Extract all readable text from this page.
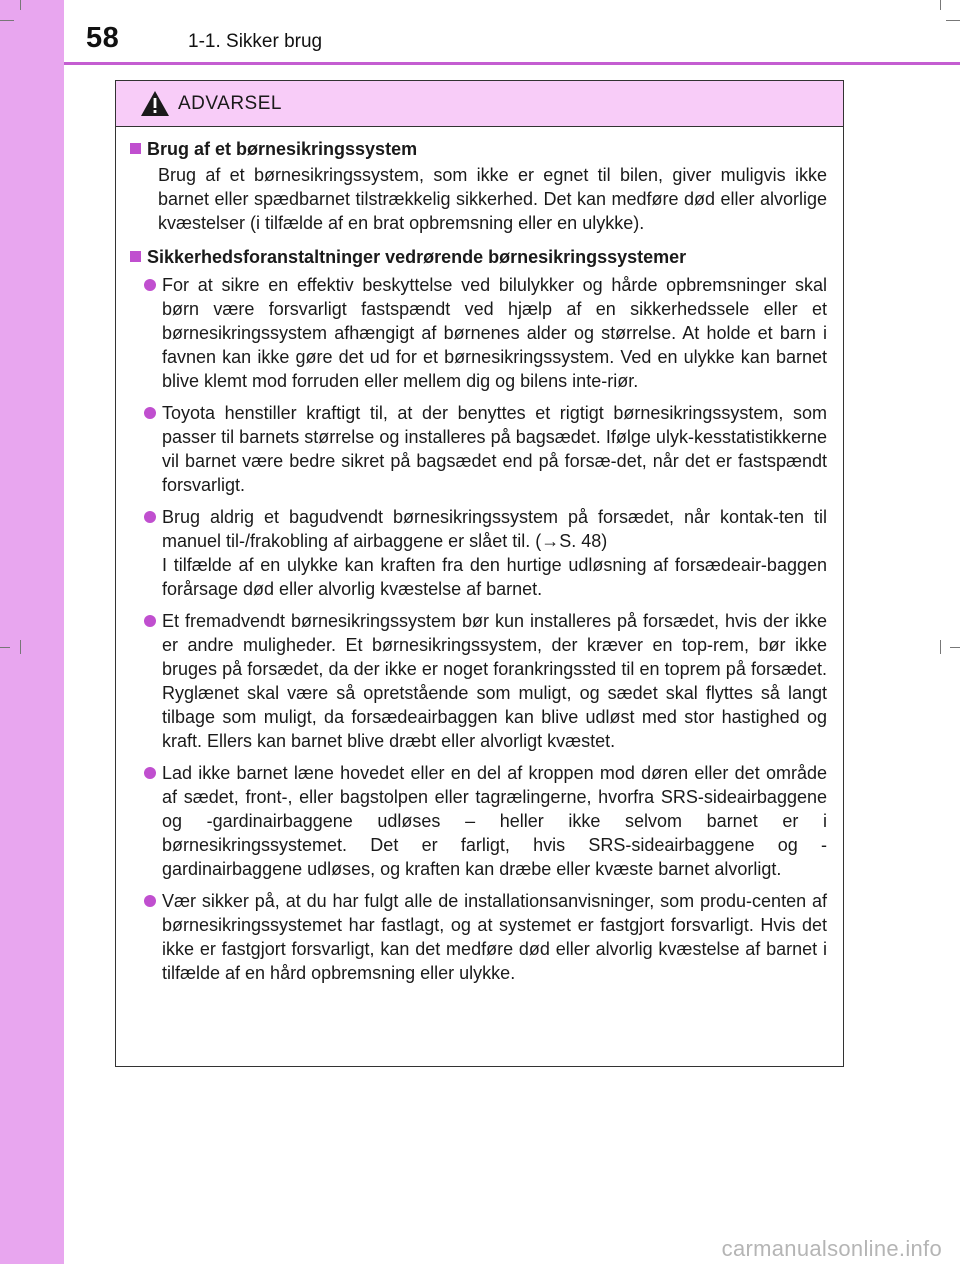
58	1-1. Sikker brug
ADVARSEL
Brug af et børnesikringssystem
Brug af et børnesikringssystem, som ikke er egnet til bilen, giver muligvis ikke barnet eller spædbarnet tilstrækkelig sikkerhed. Det kan medføre død eller alvorlige kvæstelser (i tilfælde af en brat opbremsning eller en ulykke).
Sikkerhedsforanstaltninger vedrørende børnesikringssystemer
For at sikre en effektiv beskyttelse ved bilulykker og hårde opbremsninger skal børn være forsvarligt fastspændt ved hjælp af en sikkerhedssele eller et børnesikringssystem afhængigt af børnenes alder og størrelse. At holde et barn i favnen kan ikke gøre det ud for et børnesikringssystem. Ved en ulykke kan barnet blive klemt mod forruden eller mellem dig og bilens inte-riør.
Toyota henstiller kraftigt til, at der benyttes et rigtigt børnesikringssystem, som passer til barnets størrelse og installeres på bagsædet. Ifølge ulyk-kesstatistikkerne vil barnet være bedre sikret på bagsædet end på forsæ-det, når det er fastspændt forsvarligt.
Brug aldrig et bagudvendt børnesikringssystem på forsædet, når kontak-ten til manuel til-/frakobling af airbaggene er slået til. (→S. 48)
I tilfælde af en ulykke kan kraften fra den hurtige udløsning af forsædeair-baggen forårsage død eller alvorlig kvæstelse af barnet.
Et fremadvendt børnesikringssystem bør kun installeres på forsædet, hvis der ikke er andre muligheder. Et børnesikringssystem, der kræver en top-rem, bør ikke bruges på forsædet, da der ikke er noget forankringssted til en toprem på forsædet. Ryglænet skal være så opretstående som muligt, og sædet skal flyttes så langt tilbage som muligt, da forsædeairbaggen kan blive udløst med stor hastighed og kraft. Ellers kan barnet blive dræbt eller alvorligt kvæstet.
Lad ikke barnet læne hovedet eller en del af kroppen mod døren eller det område af sædet, front-, eller bagstolpen eller tagrælingerne, hvorfra SRS-sideairbaggene og -gardinairbaggene udløses – heller ikke selvom barnet er i børnesikringssystemet. Det er farligt, hvis SRS-sideairbaggene og -gardinairbaggene udløses, og kraften kan dræbe eller kvæste barnet alvorligt.
Vær sikker på, at du har fulgt alle de installationsanvisninger, som produ-centen af børnesikringssystemet har fastlagt, og at systemet er fastgjort forsvarligt. Hvis det ikke er fastgjort forsvarligt, kan det medføre død eller alvorlig kvæstelse af barnet i tilfælde af en hård opbremsning eller ulykke.
carmanualsonline.info
